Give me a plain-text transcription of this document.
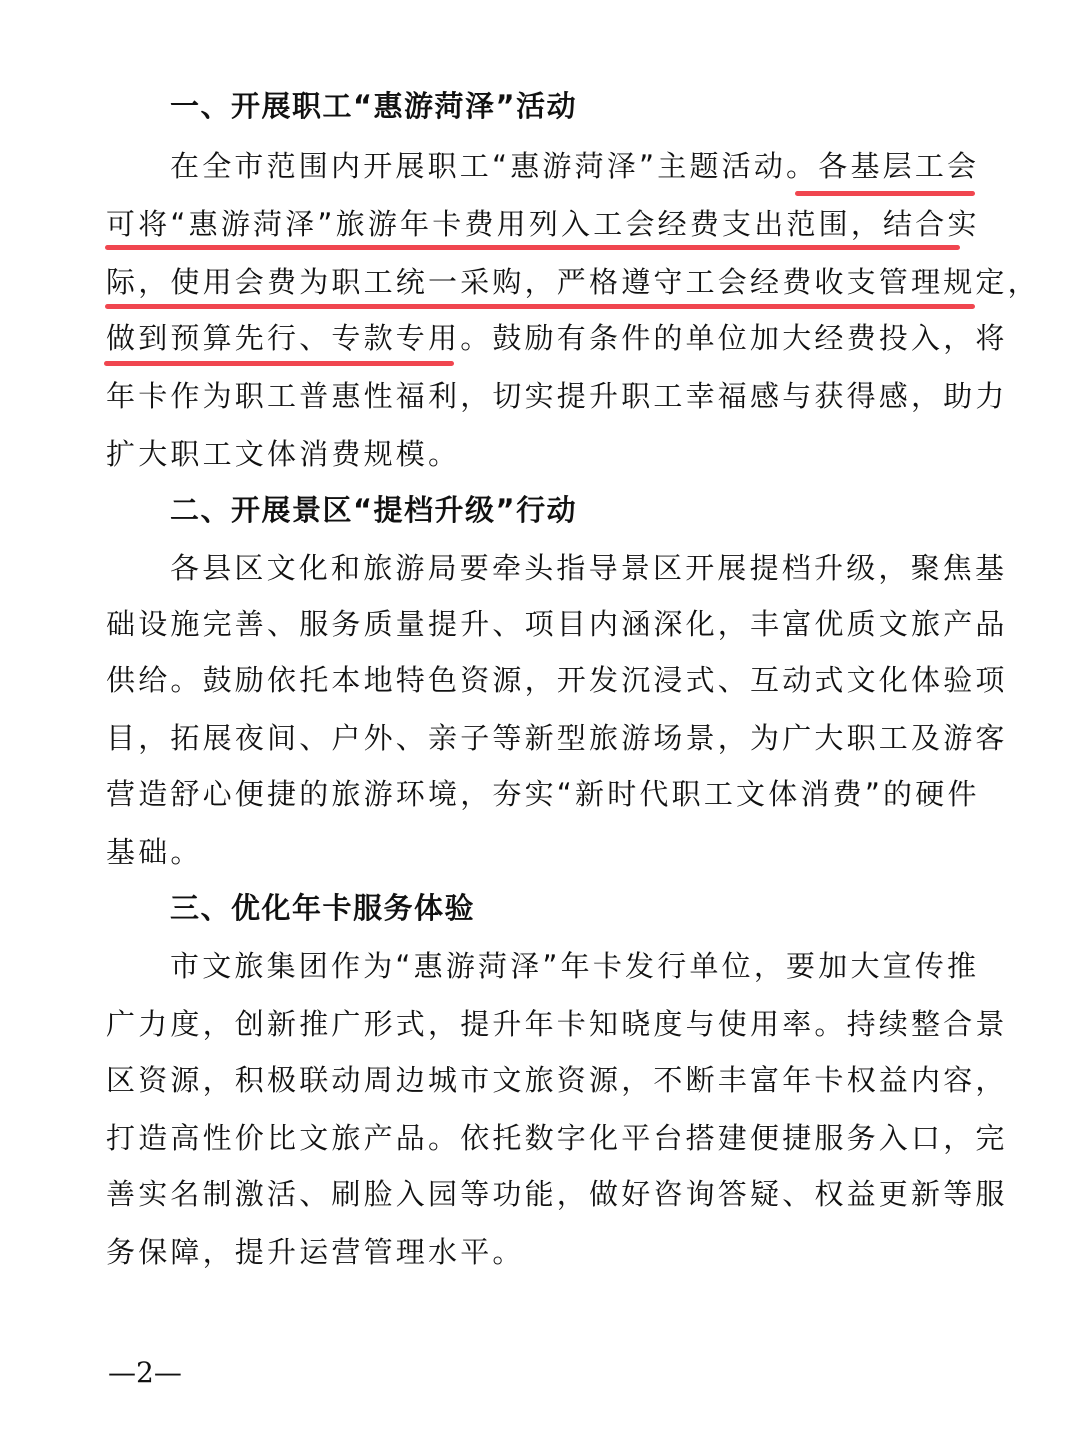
一、开展职工“惠游菏泽”活动
在全市范围内开展职工“惠游菏泽”主题活动。各基层工会
可将“惠游菏泽”旅游年卡费用列入工会经费支出范围，结合实
际，使用会费为职工统一采购，严格遵守工会经费收支管理规定，
做到预算先行、专款专用。鼓励有条件的单位加大经费投入，将
年卡作为职工普惠性福利，切实提升职工幸福感与获得感，助力
扩大职工文体消费规模。
二、开展景区“提档升级”行动
各县区文化和旅游局要牵头指导景区开展提档升级，聚焦基
础设施完善、服务质量提升、项目内涵深化，丰富优质文旅产品
供给。鼓励依托本地特色资源，开发沉浸式、互动式文化体验项
目，拓展夜间、户外、亲子等新型旅游场景，为广大职工及游客
营造舒心便捷的旅游环境，夯实“新时代职工文体消费”的硬件
基础。
三、优化年卡服务体验
市文旅集团作为“惠游菏泽”年卡发行单位，要加大宣传推
广力度，创新推广形式，提升年卡知晓度与使用率。持续整合景
区资源，积极联动周边城市文旅资源，不断丰富年卡权益内容，
打造高性价比文旅产品。依托数字化平台搭建便捷服务入口，完
善实名制激活、刷脸入园等功能，做好咨询答疑、权益更新等服
务保障，提升运营管理水平。
—2—
